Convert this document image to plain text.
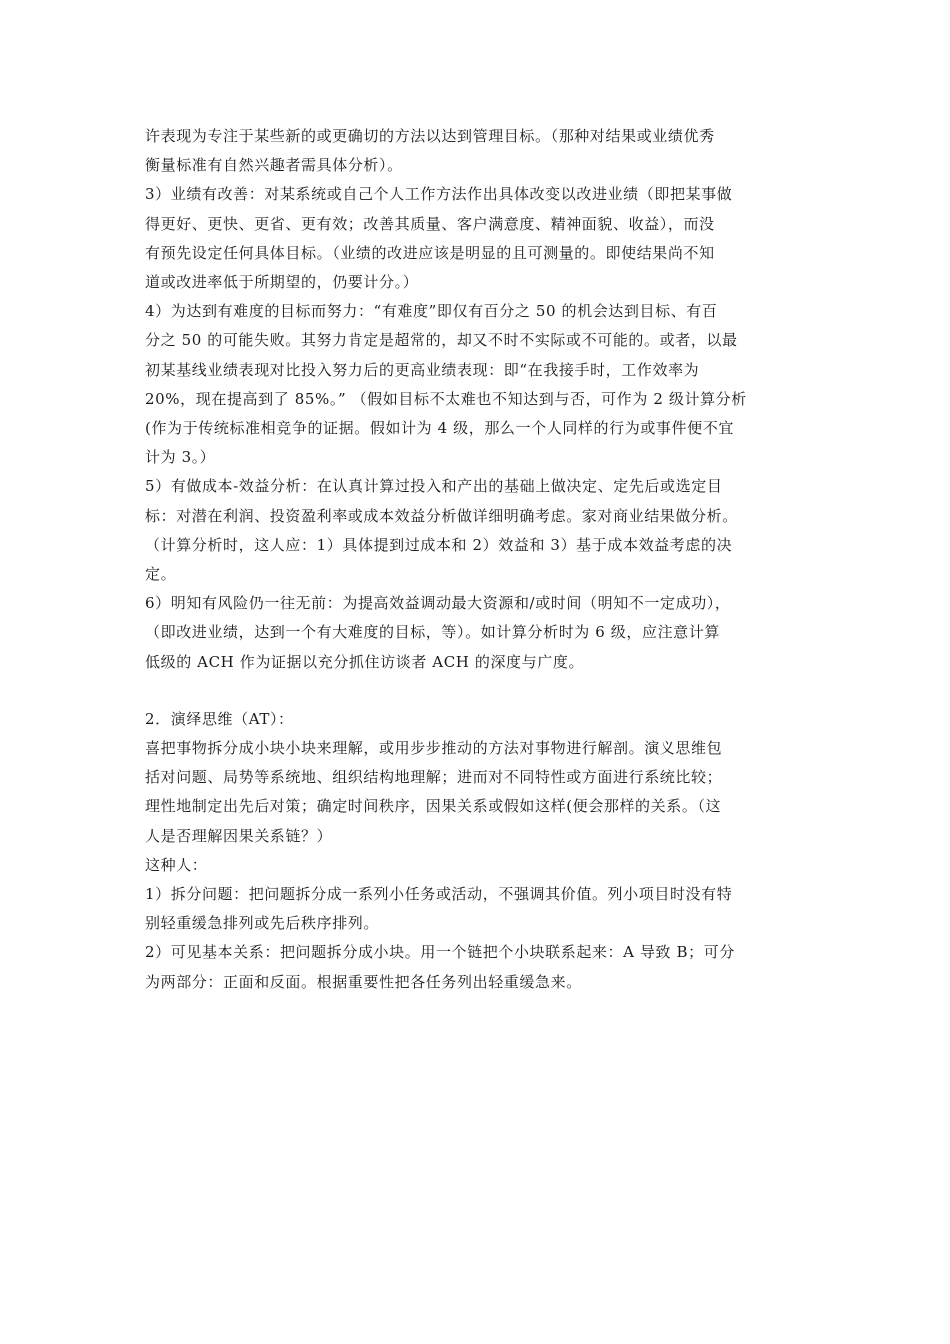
许表现为专注于某些新的或更确切的方法以达到管理目标。（那种对结果或业绩优秀
衡量标准有自然兴趣者需具体分析）。
3）业绩有改善：对某系统或自己个人工作方法作出具体改变以改进业绩（即把某事做
得更好、更快、更省、更有效；改善其质量、客户满意度、精神面貌、收益），而没
有预先设定任何具体目标。（业绩的改进应该是明显的且可测量的。即使结果尚不知
道或改进率低于所期望的，仍要计分。）
4）为达到有难度的目标而努力：“有难度”即仅有百分之 50 的机会达到目标、有百
分之 50 的可能失败。其努力肯定是超常的，却又不时不实际或不可能的。或者，以最
初某基线业绩表现对比投入努力后的更高业绩表现：即“在我接手时，工作效率为
20%，现在提高到了 85%。” （假如目标不太难也不知达到与否，可作为 2 级计算分析
(作为于传统标准相竞争的证据。假如计为 4 级，那么一个人同样的行为或事件便不宜
计为 3。）
5）有做成本-效益分析：在认真计算过投入和产出的基础上做决定、定先后或选定目
标：对潜在利润、投资盈利率或成本效益分析做详细明确考虑。家对商业结果做分析。
（计算分析时，这人应：1）具体提到过成本和 2）效益和 3）基于成本效益考虑的决
定。
6）明知有风险仍一往无前：为提高效益调动最大资源和/或时间（明知不一定成功），
（即改进业绩，达到一个有大难度的目标，等）。如计算分析时为 6 级，应注意计算
低级的 ACH 作为证据以充分抓住访谈者 ACH 的深度与广度。
2．演绎思维（AT）：
喜把事物拆分成小块小块来理解，或用步步推动的方法对事物进行解剖。演义思维包
括对问题、局势等系统地、组织结构地理解；进而对不同特性或方面进行系统比较；
理性地制定出先后对策；确定时间秩序，因果关系或假如这样(便会那样的关系。（这
人是否理解因果关系链？）
这种人：
1）拆分问题：把问题拆分成一系列小任务或活动，不强调其价值。列小项目时没有特
别轻重缓急排列或先后秩序排列。
2）可见基本关系：把问题拆分成小块。用一个链把个小块联系起来：A 导致 B；可分
为两部分：正面和反面。根据重要性把各任务列出轻重缓急来。
